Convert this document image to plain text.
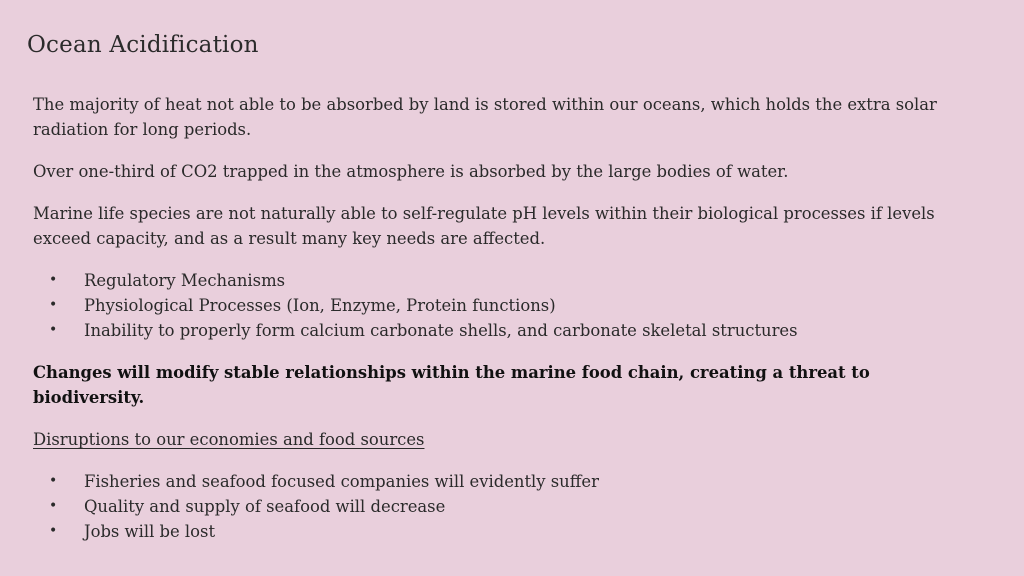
Ocean Acidification

The majority of heat not able to be absorbed by land is stored within our oceans, which holds the extra solar radiation for long periods.

Over one-third of CO2 trapped in the atmosphere is absorbed by the large bodies of water.

Marine life species are not naturally able to self-regulate pH levels within their biological processes if levels exceed capacity, and as a result many key needs are affected.

• Regulatory Mechanisms
• Physiological Processes (Ion, Enzyme, Protein functions)
• Inability to properly form calcium carbonate shells, and carbonate skeletal structures

Changes will modify stable relationships within the marine food chain, creating a threat to biodiversity.

Disruptions to our economies and food sources

• Fisheries and seafood focused companies will evidently suffer
• Quality and supply of seafood will decrease
• Jobs will be lost
